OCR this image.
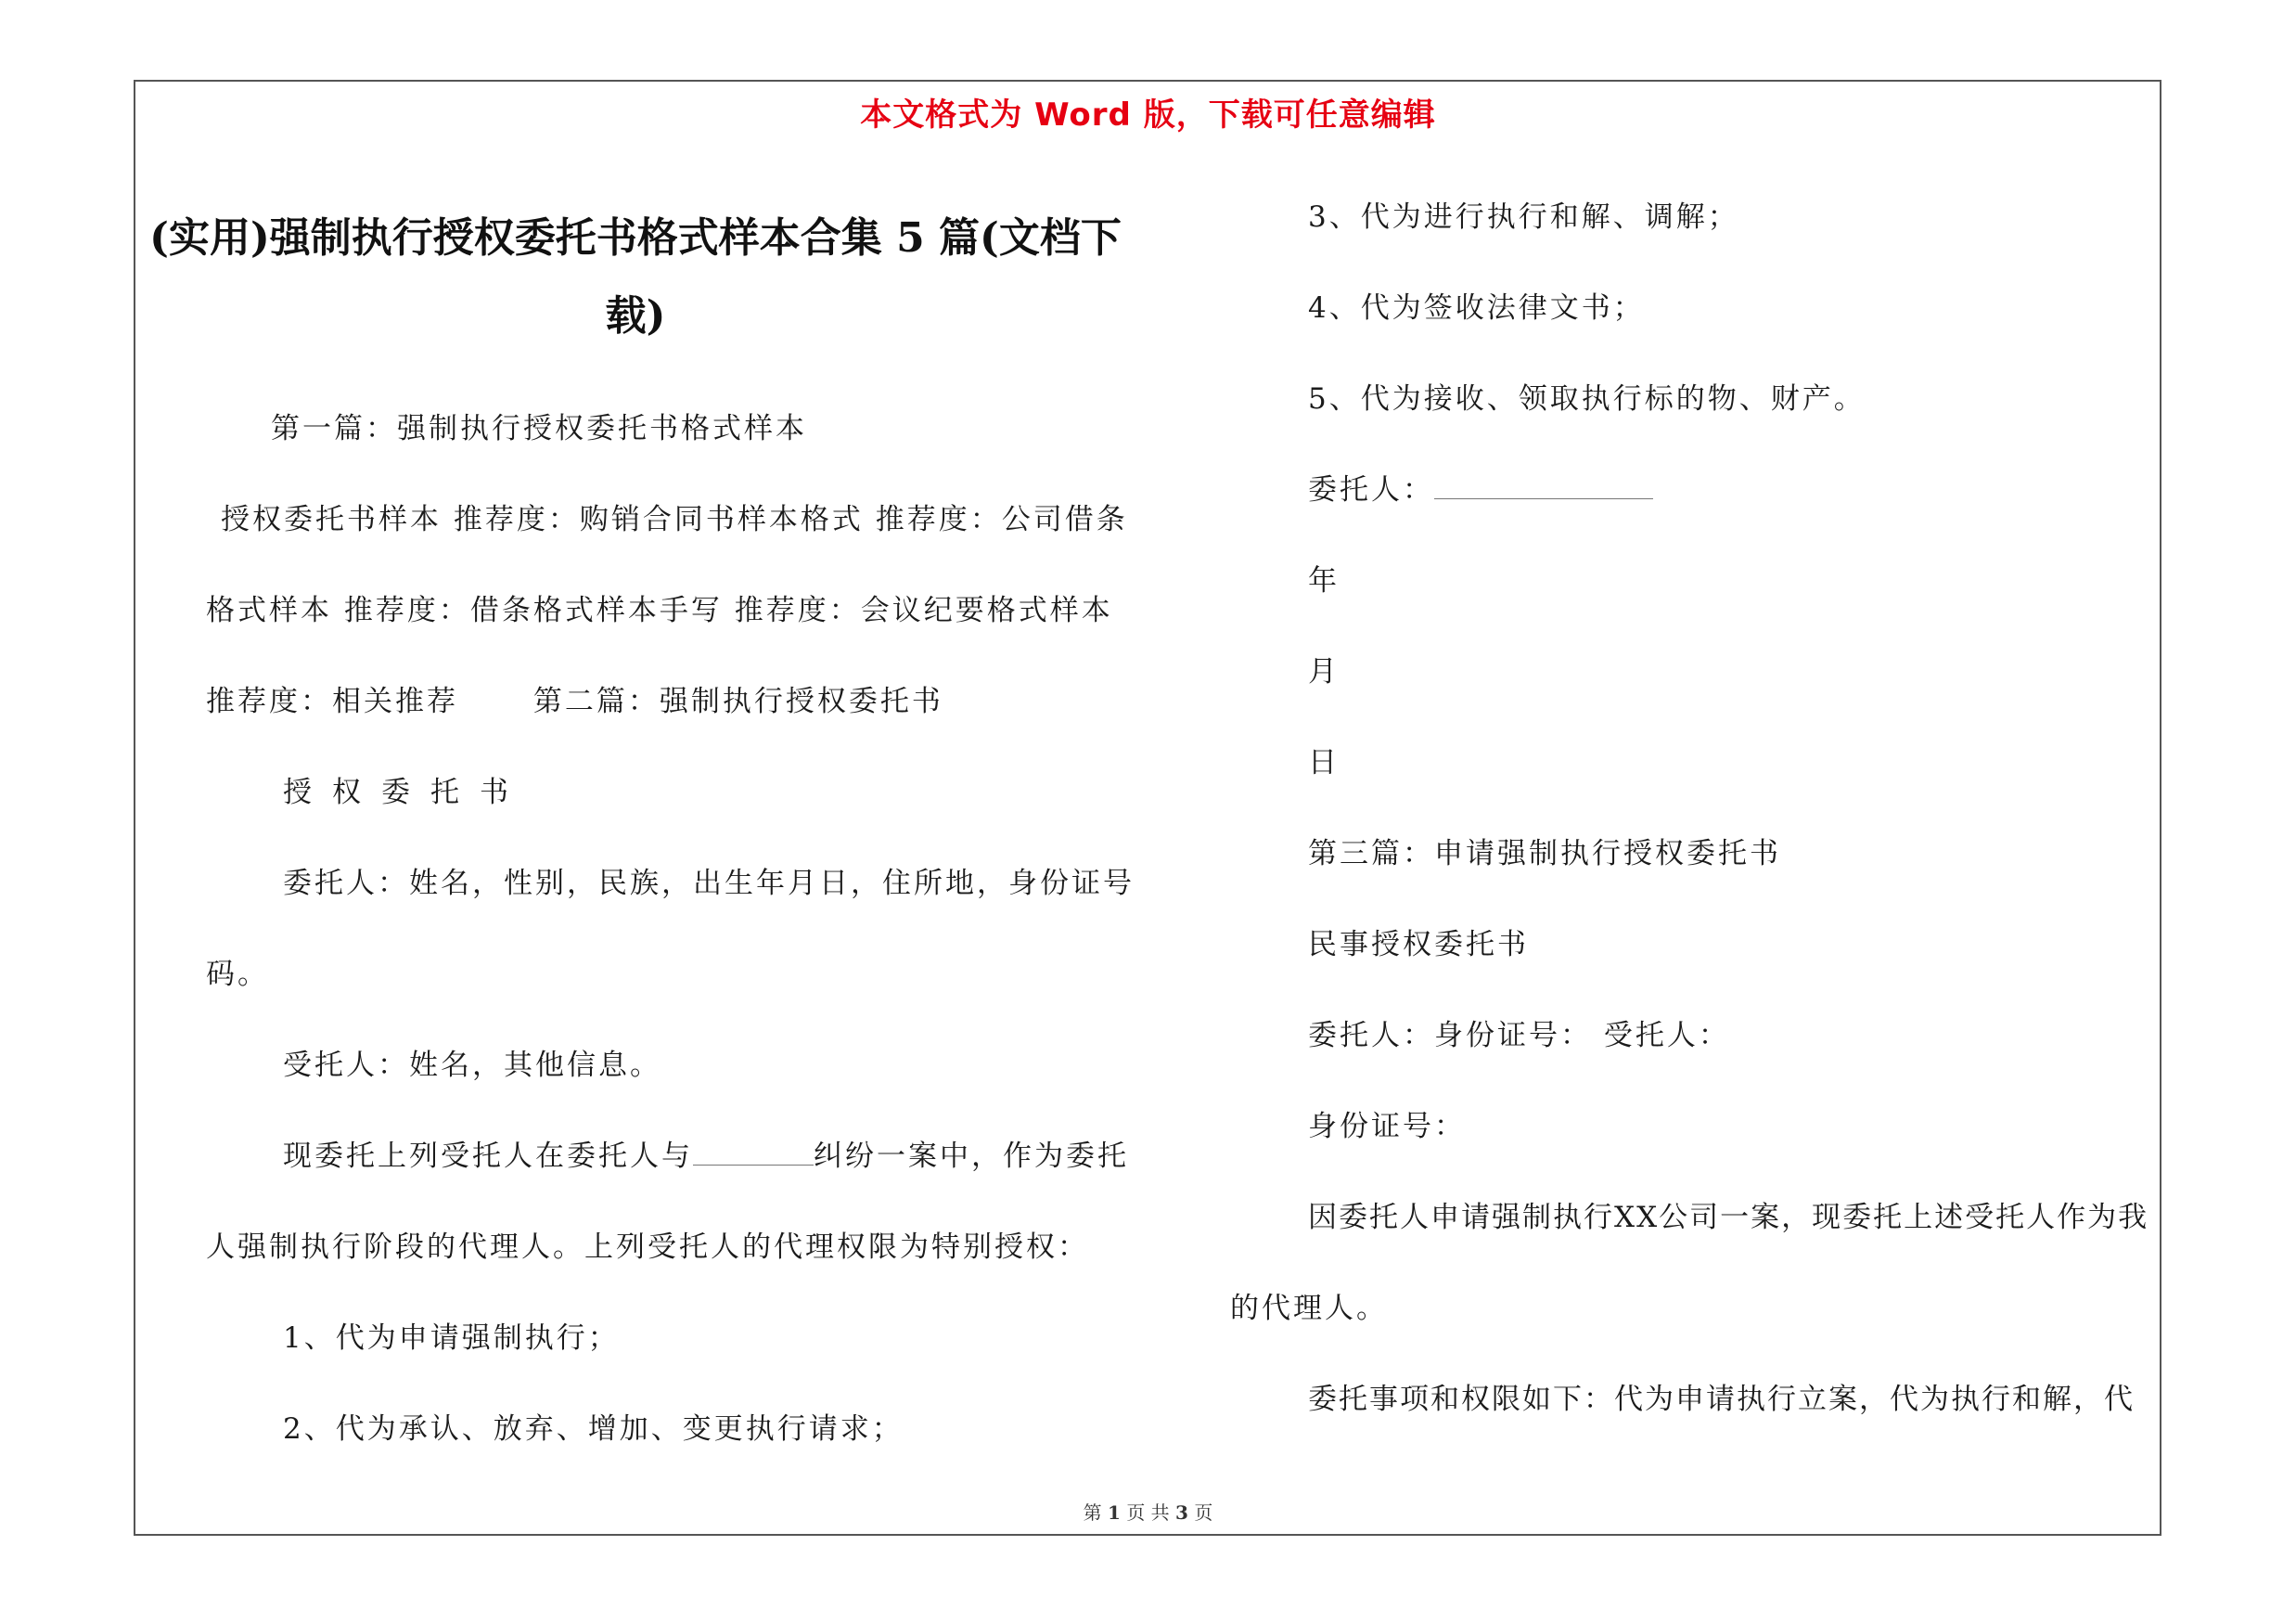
本文格式为 Word 版，下载可任意编辑
(实用)强制执行授权委托书格式样本合集 5 篇(文档下载)
第一篇：强制执行授权委托书格式样本
授权委托书样本 推荐度：购销合同书样本格式 推荐度：公司借条
格式样本 推荐度：借条格式样本手写 推荐度：会议纪要格式样本
推荐度：相关推荐　　 第二篇：强制执行授权委托书
授权委托书
委托人：姓名，性别，民族，出生年月日，住所地，身份证号
码。
受托人：姓名，其他信息。
现委托上列受托人在委托人与	纠纷一案中，作为委托
人强制执行阶段的代理人。上列受托人的代理权限为特别授权：
1、代为申请强制执行；
2、代为承认、放弃、增加、变更执行请求；
3、代为进行执行和解、调解；
4、代为签收法律文书；
5、代为接收、领取执行标的物、财产。
委托人：
年
月
日
第三篇：申请强制执行授权委托书
民事授权委托书
委托人：身份证号： 受托人：
身份证号：
因委托人申请强制执行XX公司一案，现委托上述受托人作为我
的代理人。
委托事项和权限如下：代为申请执行立案，代为执行和解，代
第 1 页 共 3 页
